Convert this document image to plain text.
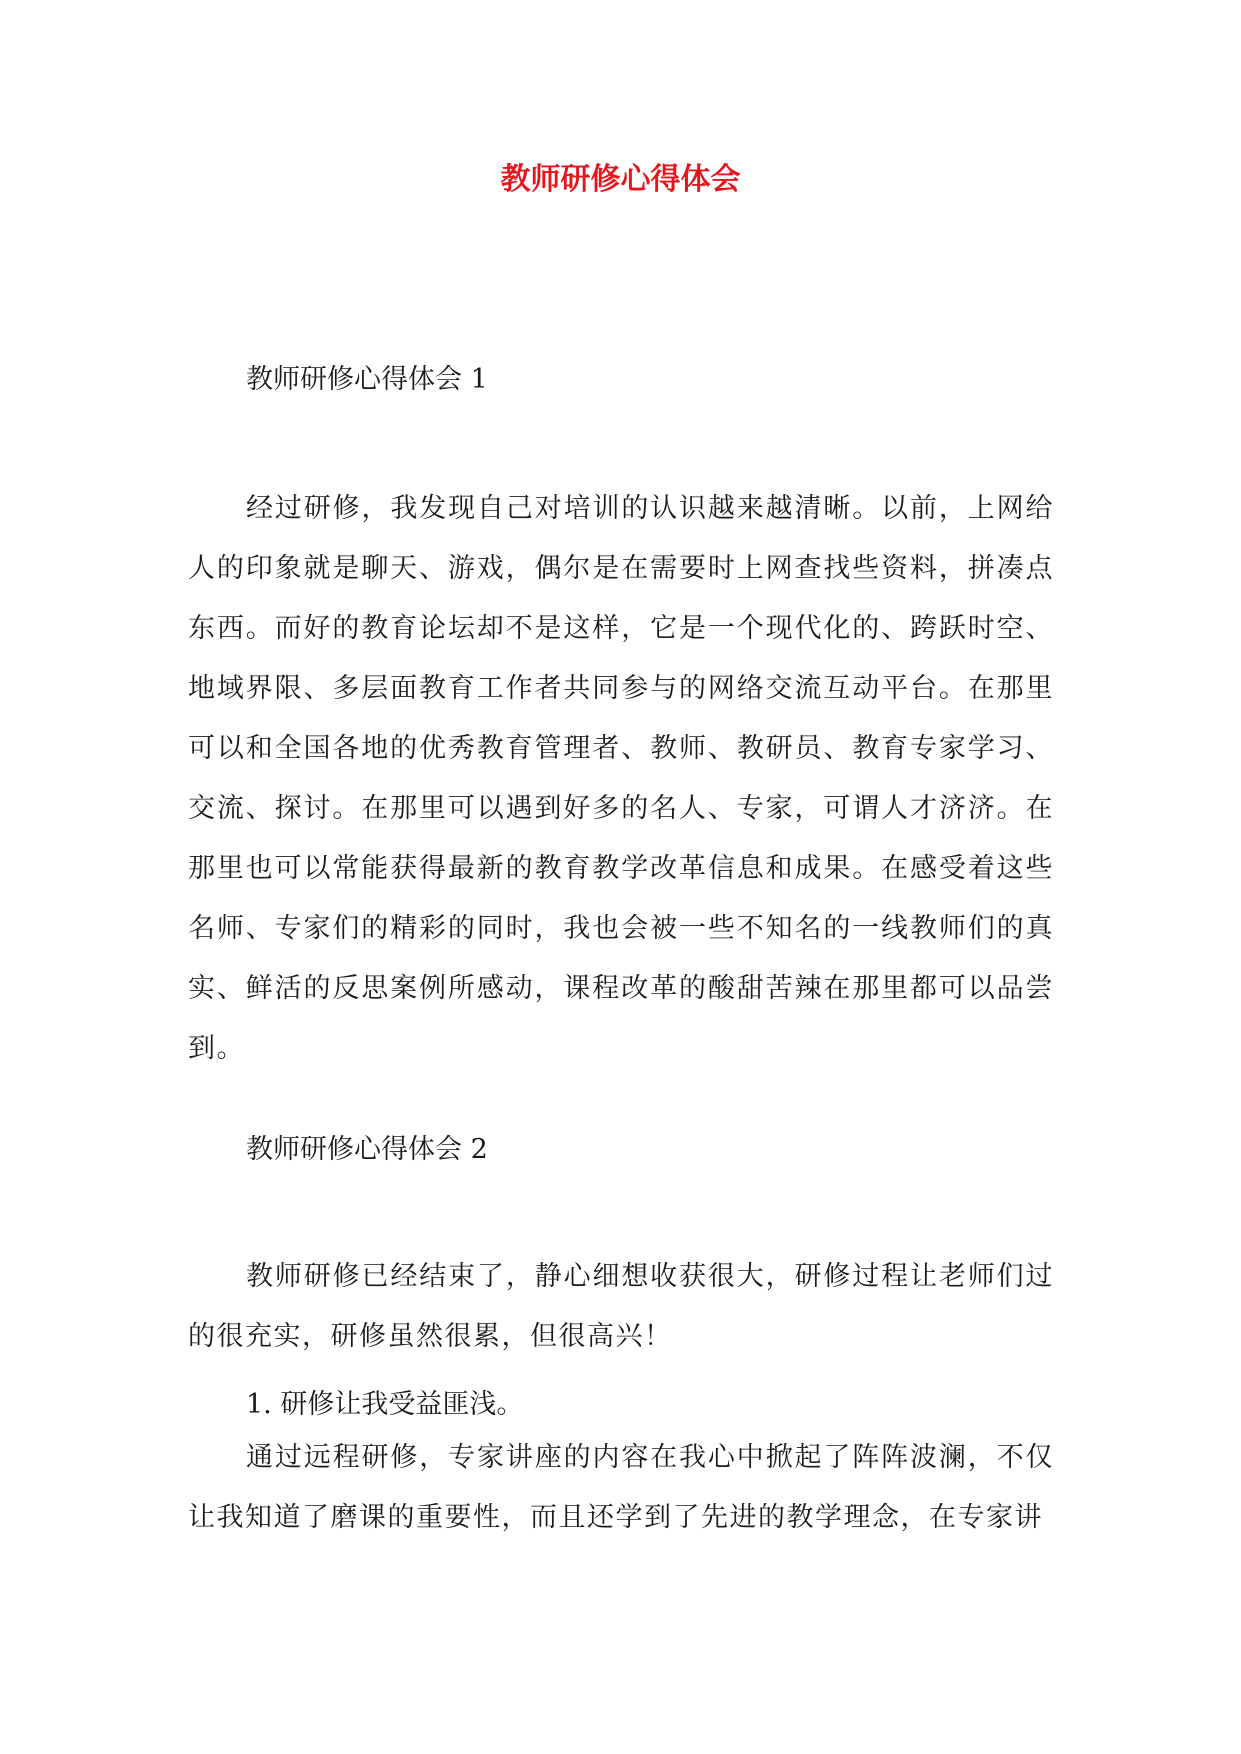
教师研修心得体会
教师研修心得体会 1

经过研修，我发现自己对培训的认识越来越清晰。以前，上网给人的印象就是聊天、游戏，偶尔是在需要时上网查找些资料，拼凑点东西。而好的教育论坛却不是这样，它是一个现代化的、跨跃时空、地域界限、多层面教育工作者共同参与的网络交流互动平台。在那里可以和全国各地的优秀教育管理者、教师、教研员、教育专家学习、交流、探讨。在那里可以遇到好多的名人、专家，可谓人才济济。在那里也可以常能获得最新的教育教学改革信息和成果。在感受着这些名师、专家们的精彩的同时，我也会被一些不知名的一线教师们的真实、鲜活的反思案例所感动，课程改革的酸甜苦辣在那里都可以品尝到。

教师研修心得体会 2

教师研修已经结束了，静心细想收获很大，研修过程让老师们过的很充实，研修虽然很累，但很高兴！

1. 研修让我受益匪浅。

通过远程研修，专家讲座的内容在我心中掀起了阵阵波澜，不仅让我知道了磨课的重要性，而且还学到了先进的教学理念，在专家讲
